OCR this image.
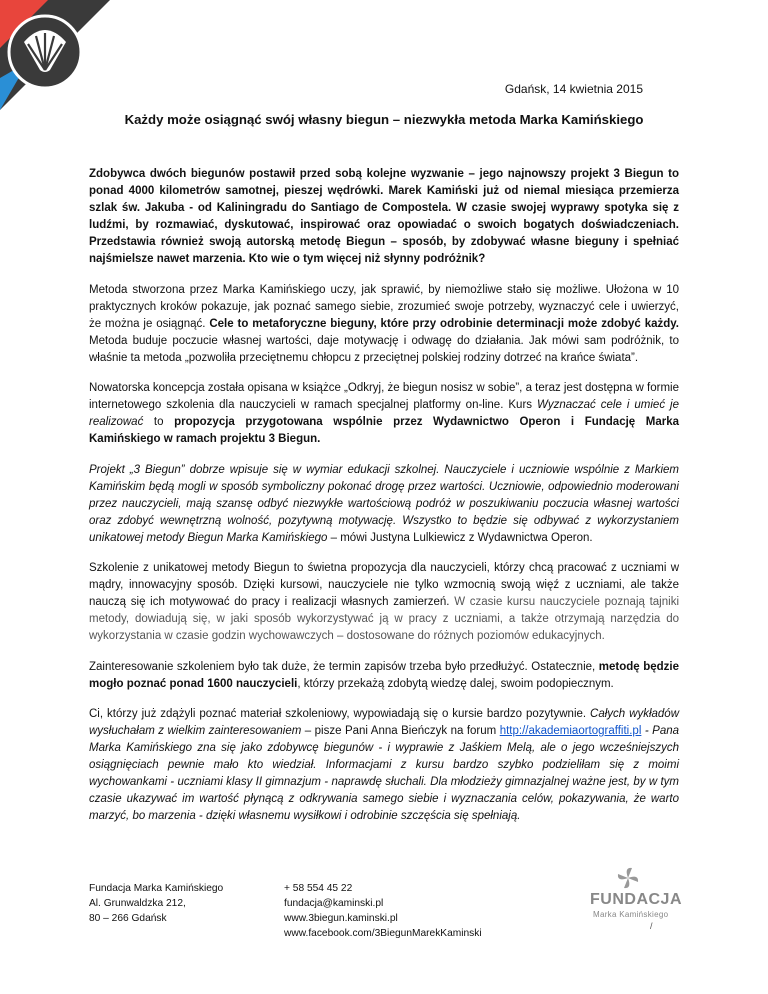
Gdańsk, 14 kwietnia 2015
Każdy może osiągnąć swój własny biegun – niezwykła metoda Marka Kamińskiego

Zdobywca dwóch biegunów postawił przed sobą kolejne wyzwanie – jego najnowszy projekt 3 Biegun to ponad 4000 kilometrów samotnej, pieszej wędrówki. Marek Kamiński już od niemal miesiąca przemierza szlak św. Jakuba - od Kaliningradu do Santiago de Compostela. W czasie swojej wyprawy spotyka się z ludźmi, by rozmawiać, dyskutować, inspirować oraz opowiadać o swoich bogatych doświadczeniach. Przedstawia również swoją autorską metodę Biegun – sposób, by zdobywać własne bieguny i spełniać najśmielsze nawet marzenia. Kto wie o tym więcej niż słynny podróżnik?

Metoda stworzona przez Marka Kamińskiego uczy, jak sprawić, by niemożliwe stało się możliwe. Ułożona w 10 praktycznych kroków pokazuje, jak poznać samego siebie, zrozumieć swoje potrzeby, wyznaczyć cele i uwierzyć, że można je osiągnąć. Cele to metaforyczne bieguny, które przy odrobinie determinacji może zdobyć każdy. Metoda buduje poczucie własnej wartości, daje motywację i odwagę do działania. Jak mówi sam podróżnik, to właśnie ta metoda „pozwoliła przeciętnemu chłopcu z przeciętnej polskiej rodziny dotrzeć na krańce świata”.

Nowatorska koncepcja została opisana w książce „Odkryj, że biegun nosisz w sobie”, a teraz jest dostępna w formie internetowego szkolenia dla nauczycieli w ramach specjalnej platformy on-line. Kurs Wyznaczać cele i umieć je realizować to propozycja przygotowana wspólnie przez Wydawnictwo Operon i Fundację Marka Kamińskiego w ramach projektu 3 Biegun.

Projekt „3 Biegun” dobrze wpisuje się w wymiar edukacji szkolnej. Nauczyciele i uczniowie wspólnie z Markiem Kamińskim będą mogli w sposób symboliczny pokonać drogę przez wartości. Uczniowie, odpowiednio moderowani przez nauczycieli, mają szansę odbyć niezwykłe wartościową podróż w poszukiwaniu poczucia własnej wartości oraz zdobyć wewnętrzną wolność, pozytywną motywację. Wszystko to będzie się odbywać z wykorzystaniem unikatowej metody Biegun Marka Kamińskiego – mówi Justyna Lulkiewicz z Wydawnictwa Operon.

Szkolenie z unikatowej metody Biegun to świetna propozycja dla nauczycieli, którzy chcą pracować z uczniami w mądry, innowacyjny sposób. Dzięki kursowi, nauczyciele nie tylko wzmocnią swoją więź z uczniami, ale także nauczą się ich motywować do pracy i realizacji własnych zamierzeń. W czasie kursu nauczyciele poznają tajniki metody, dowiadują się, w jaki sposób wykorzystywać ją w pracy z uczniami, a także otrzymają narzędzia do wykorzystania w czasie godzin wychowawczych – dostosowane do różnych poziomów edukacyjnych.

Zainteresowanie szkoleniem było tak duże, że termin zapisów trzeba było przedłużyć. Ostatecznie, metodę będzie mogło poznać ponad 1600 nauczycieli, którzy przekażą zdobytą wiedzę dalej, swoim podopiecznym.

Ci, którzy już zdążyli poznać materiał szkoleniowy, wypowiadają się o kursie bardzo pozytywnie. Całych wykładów wysłuchałam z wielkim zainteresowaniem – pisze Pani Anna Bieńczyk na forum http://akademiaortograffiti.pl - Pana Marka Kamińskiego zna się jako zdobywcę biegunów - i wyprawie z Jaśkiem Melą, ale o jego wcześniejszych osiągnięciach pewnie mało kto wiedział. Informacjami z kursu bardzo szybko podzieliłam się z moimi wychowankami - uczniami klasy II gimnazjum - naprawdę słuchali. Dla młodzieży gimnazjalnej ważne jest, by w tym czasie ukazywać im wartość płynącą z odkrywania samego siebie i wyznaczania celów, pokazywania, że warto marzyć, bo marzenia - dzięki własnemu wysiłkowi i odrobinie szczęścia się spełniają.

Fundacja Marka Kamińskiego
Al. Grunwaldzka 212,
80 – 266 Gdańsk
+ 58 554 45 22
fundacja@kaminski.pl
www.3biegun.kaminski.pl
www.facebook.com/3BiegunMarekKaminski
FUNDACJA
Marka Kamińskiego
/
